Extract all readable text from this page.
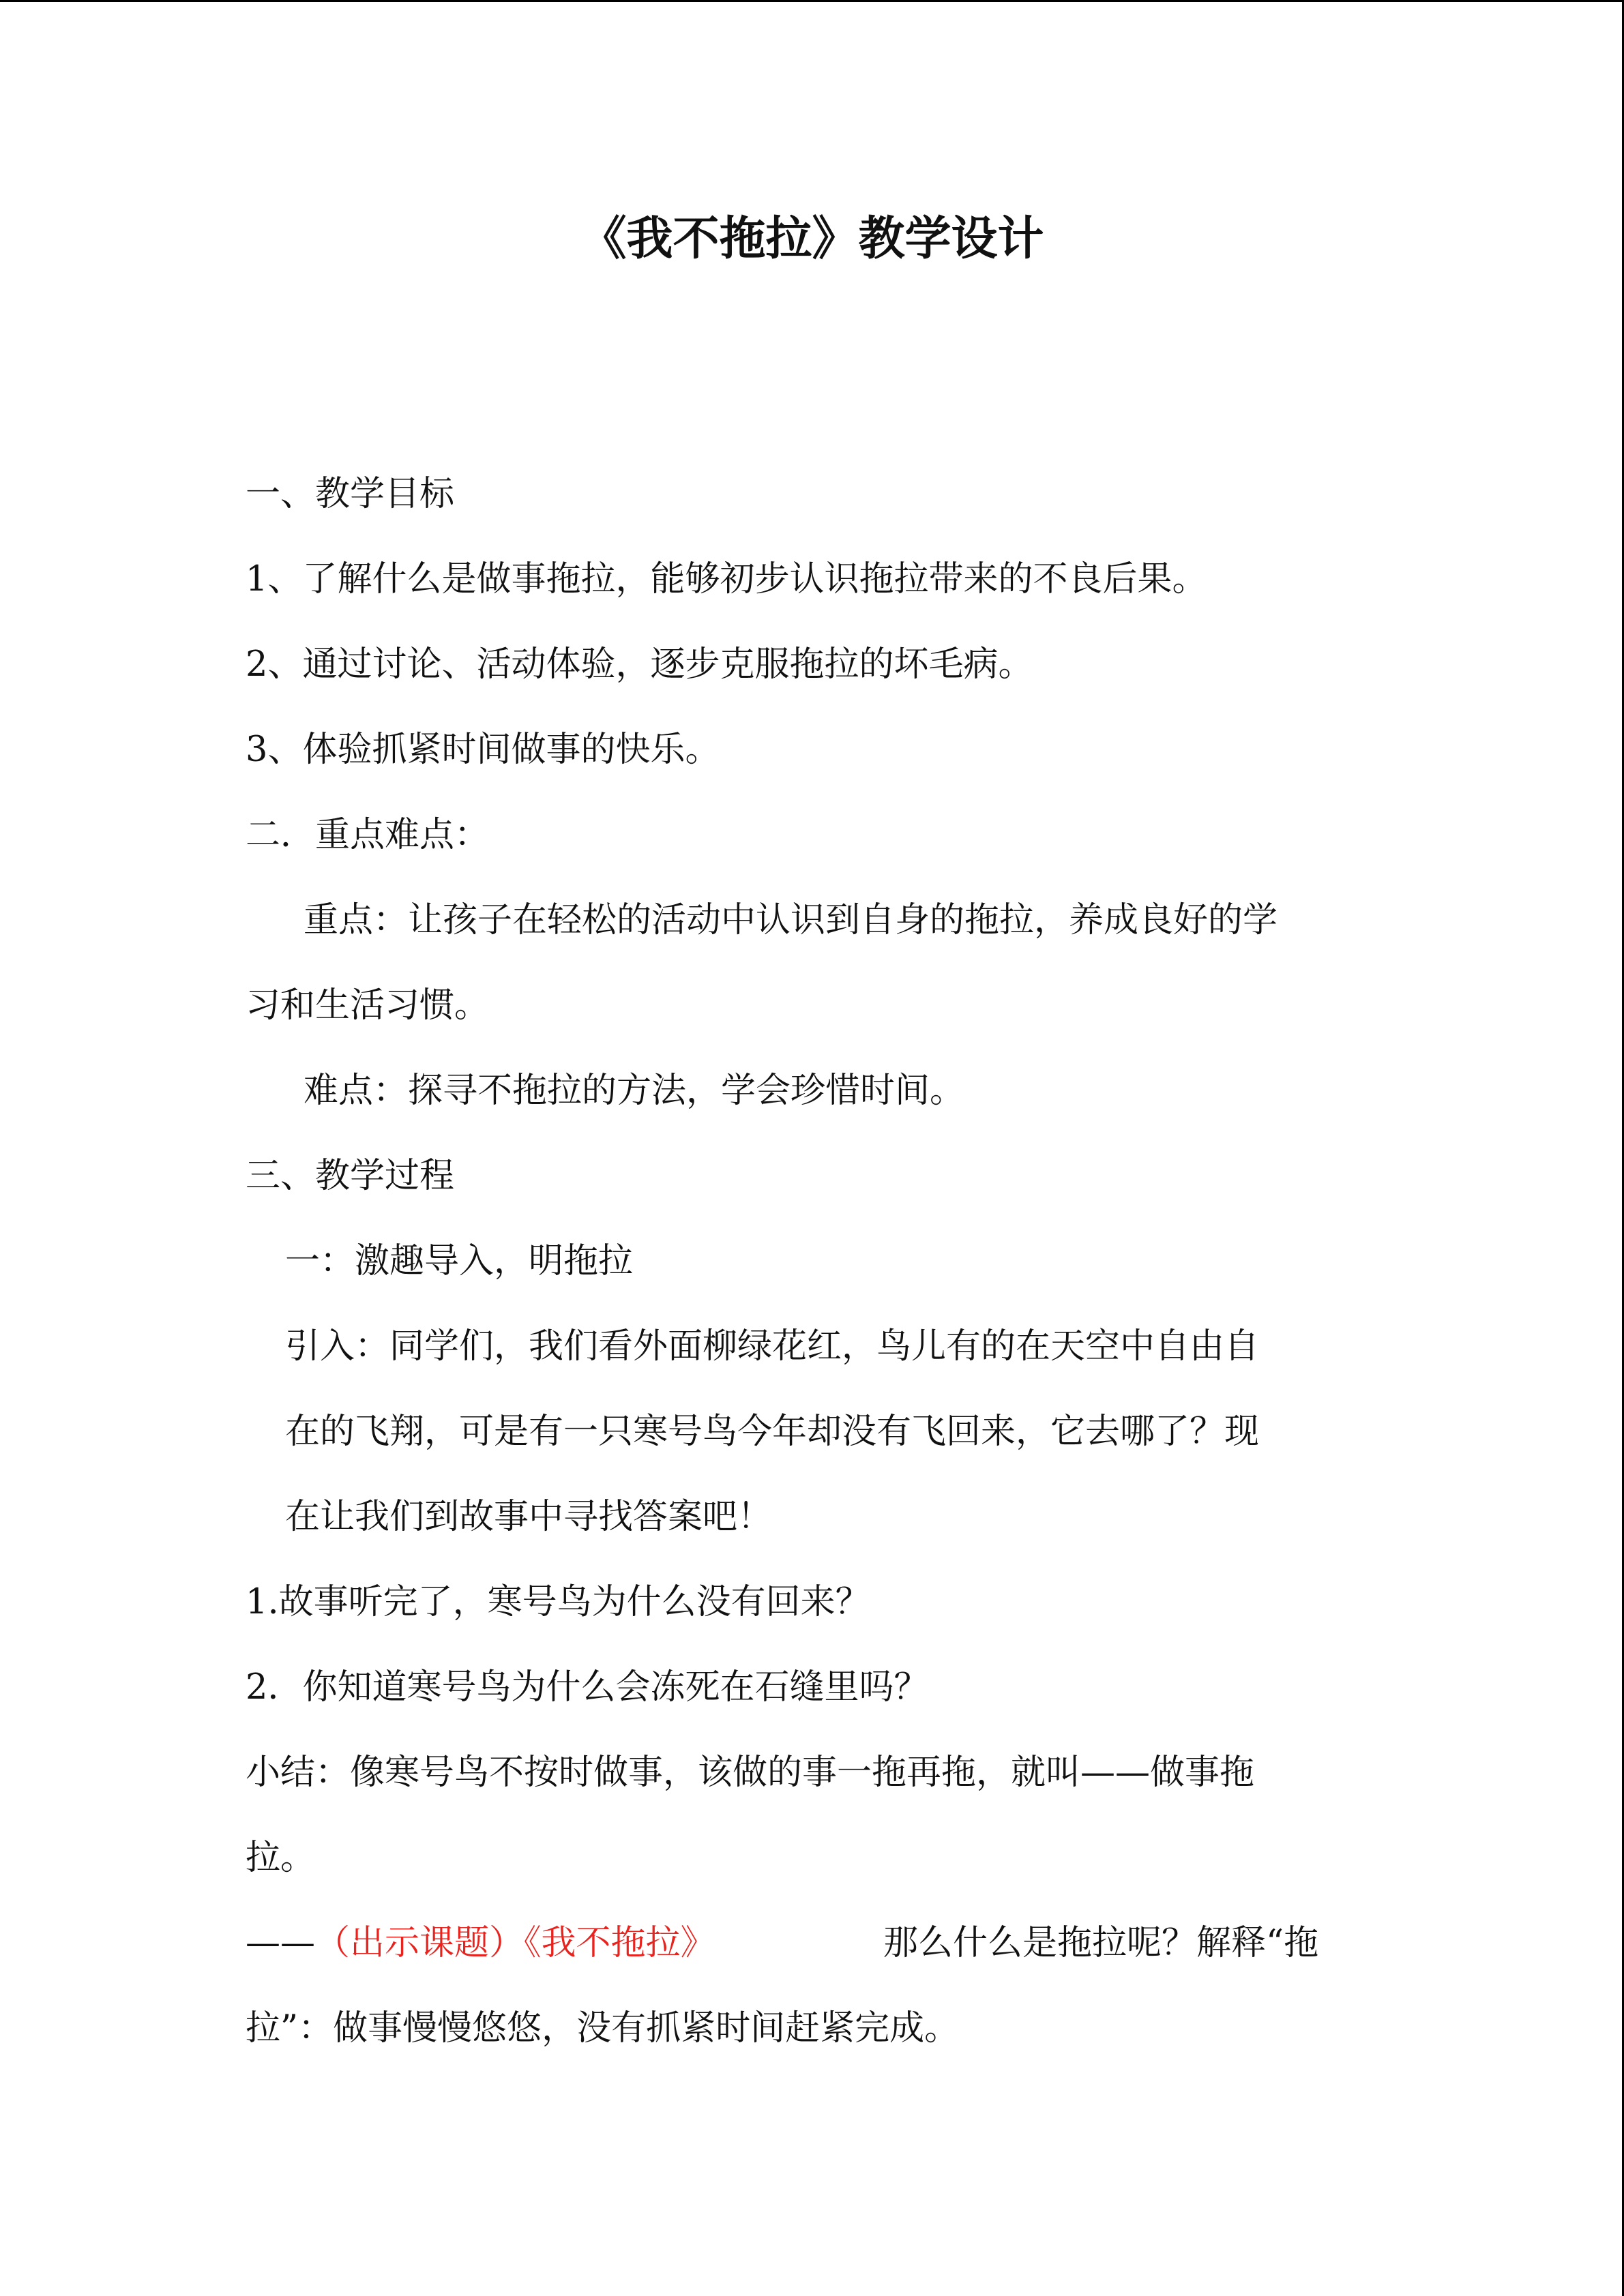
《我不拖拉》教学设计
一、教学目标
1、了解什么是做事拖拉，能够初步认识拖拉带来的不良后果。
2、通过讨论、活动体验，逐步克服拖拉的坏毛病。
3、体验抓紧时间做事的快乐。
二．重点难点：
重点：让孩子在轻松的活动中认识到自身的拖拉，养成良好的学
习和生活习惯。
难点：探寻不拖拉的方法，学会珍惜时间。
三、教学过程
一：激趣导入，明拖拉
引入：同学们，我们看外面柳绿花红，鸟儿有的在天空中自由自
在的飞翔，可是有一只寒号鸟今年却没有飞回来，它去哪了？现
在让我们到故事中寻找答案吧！
1.故事听完了，寒号鸟为什么没有回来？
2．你知道寒号鸟为什么会冻死在石缝里吗？
小结：像寒号鸟不按时做事，该做的事一拖再拖，就叫——做事拖
拉。
——（出示课题）《我不拖拉》	那么什么是拖拉呢？解释“拖
拉”：做事慢慢悠悠，没有抓紧时间赶紧完成。
